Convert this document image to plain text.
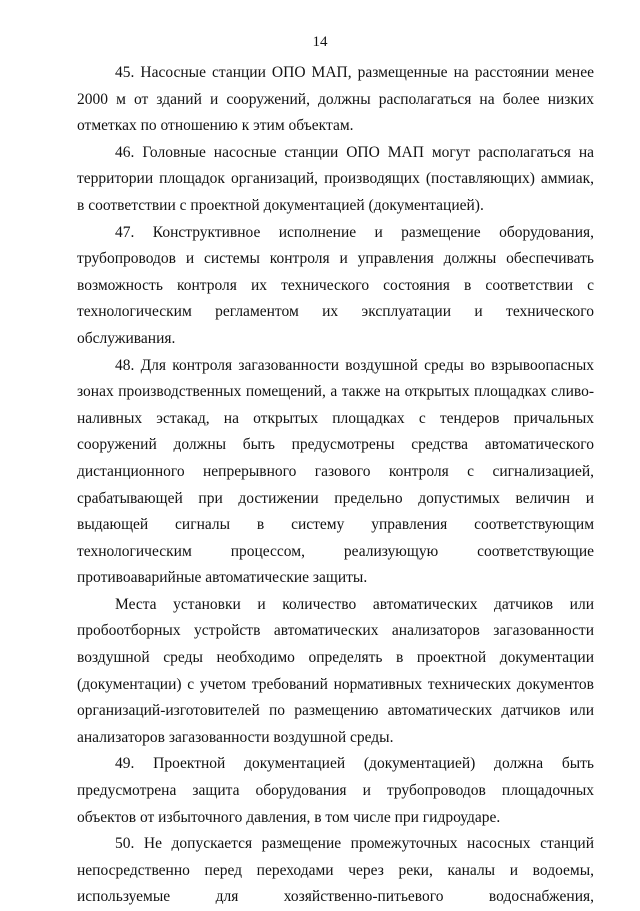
14

45. Насосные станции ОПО МАП, размещенные на расстоянии менее 2000 м от зданий и сооружений, должны располагаться на более низких отметках по отношению к этим объектам.

46. Головные насосные станции ОПО МАП могут располагаться на территории площадок организаций, производящих (поставляющих) аммиак, в соответствии с проектной документацией (документацией).

47. Конструктивное исполнение и размещение оборудования, трубопроводов и системы контроля и управления должны обеспечивать возможность контроля их технического состояния в соответствии с технологическим регламентом их эксплуатации и технического обслуживания.

48. Для контроля загазованности воздушной среды во взрывоопасных зонах производственных помещений, а также на открытых площадках сливо-наливных эстакад, на открытых площадках с тендеров причальных сооружений должны быть предусмотрены средства автоматического дистанционного непрерывного газового контроля с сигнализацией, срабатывающей при достижении предельно допустимых величин и выдающей сигналы в систему управления соответствующим технологическим процессом, реализующую соответствующие противоаварийные автоматические защиты.

Места установки и количество автоматических датчиков или пробоотборных устройств автоматических анализаторов загазованности воздушной среды необходимо определять в проектной документации (документации) с учетом требований нормативных технических документов организаций-изготовителей по размещению автоматических датчиков или анализаторов загазованности воздушной среды.

49. Проектной документацией (документацией) должна быть предусмотрена защита оборудования и трубопроводов площадочных объектов от избыточного давления, в том числе при гидроударе.

50. Не допускается размещение промежуточных насосных станций непосредственно перед переходами через реки, каналы и водоемы, используемые для хозяйственно-питьевого водоснабжения,
